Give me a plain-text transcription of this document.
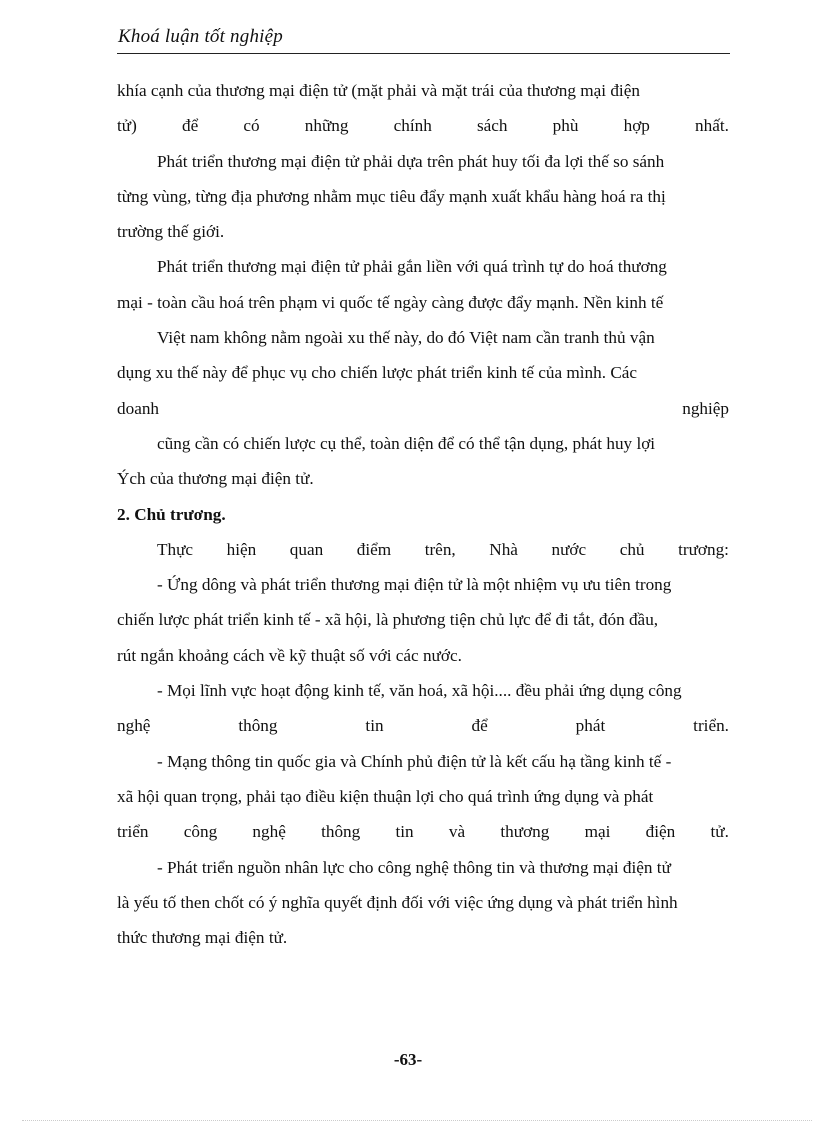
Khoá luận tốt nghiệp
khía cạnh của thương mại điện tử (mặt phải và mặt trái của thương mại điện
tử)	để	có	những	chính	sách	phù	hợp	nhất.
Phát triển thương mại điện tử phải dựa trên phát huy tối đa lợi thế so sánh
từng vùng, từng địa phương nhằm mục tiêu đẩy mạnh xuất khẩu hàng hoá ra thị
trường thế giới.
Phát triển thương mại điện tử phải gắn liền với quá trình tự do hoá thương
mại - toàn cầu hoá trên phạm vi quốc tế ngày càng được đẩy mạnh. Nền kinh tế
Việt nam không nằm ngoài xu thế này, do đó Việt nam cần tranh thủ vận
dụng xu thế này để phục vụ cho chiến lược phát triển kinh tế của mình. Các
doanh	nghiệp
cũng cần có chiến lược cụ thể, toàn diện để có thể tận dụng, phát huy lợi
Ých của thương mại điện tử.
2. Chủ trương.
Thực hiện quan điểm trên, Nhà nước chủ trương:
- Ứng dông và phát triển thương mại điện tử là một nhiệm vụ ưu tiên trong
chiến lược phát triển kinh tế - xã hội, là phương tiện chủ lực để đi tắt, đón đầu,
rút ngắn khoảng cách về kỹ thuật số với các nước.
- Mọi lĩnh vực hoạt động kinh tế, văn hoá, xã hội.... đều phải ứng dụng công
nghệ	thông	tin	để	phát	triển.
- Mạng thông tin quốc gia và Chính phủ điện tử là kết cấu hạ tầng kinh tế -
xã hội quan trọng, phải tạo điều kiện thuận lợi cho quá trình ứng dụng và phát
triển công nghệ thông tin và thương mại điện tử.
- Phát triển nguồn nhân lực cho công nghệ thông tin và thương mại điện tử
là yếu tố then chốt có ý nghĩa quyết định đối với việc ứng dụng và phát triển hình
thức thương mại điện tử.
-63-
